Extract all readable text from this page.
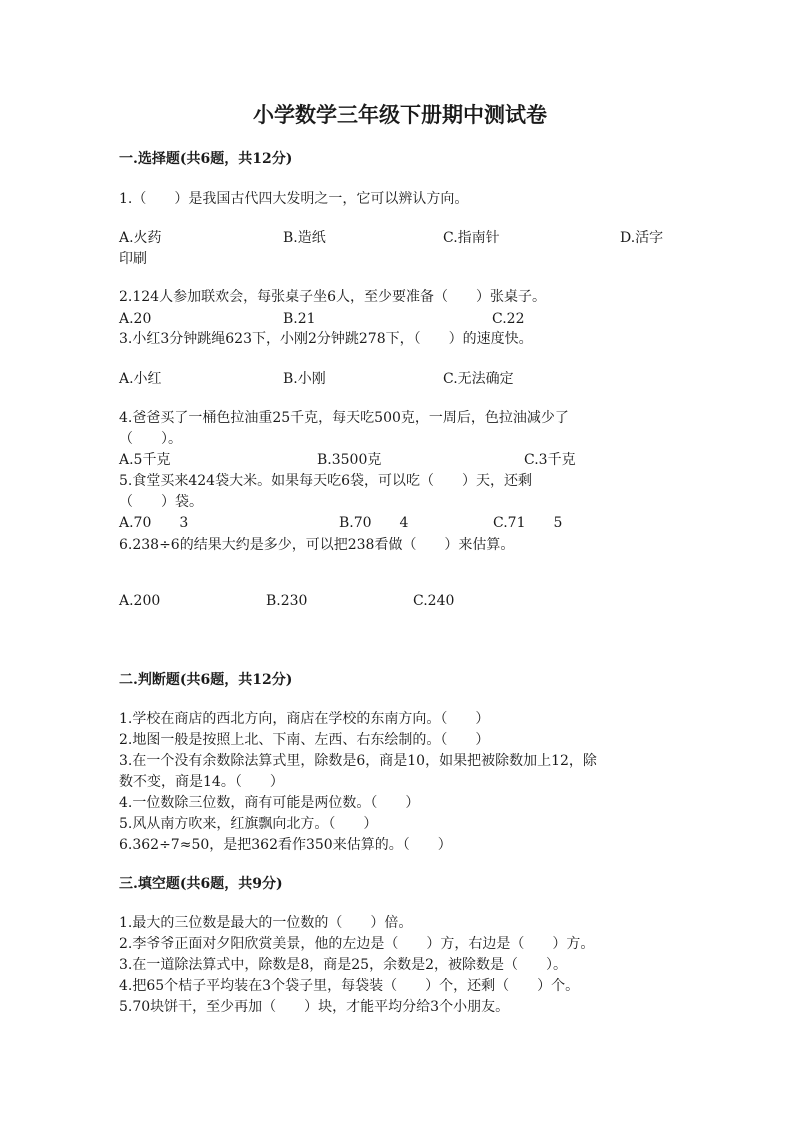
小学数学三年级下册期中测试卷
一.选择题(共6题，共12分)
1.（　　）是我国古代四大发明之一，它可以辨认方向。
A.火药	B.造纸	C.指南针	D.活字
印刷
2.124人参加联欢会，每张桌子坐6人，至少要准备（　　）张桌子。
A.20	B.21	C.22
3.小红3分钟跳绳623下，小刚2分钟跳278下，（　　）的速度快。
A.小红	B.小刚	C.无法确定
4.爸爸买了一桶色拉油重25千克，每天吃500克，一周后，色拉油减少了
（　　）。
A.5千克	B.3500克	C.3千克
5.食堂买来424袋大米。如果每天吃6袋，可以吃（　　）天，还剩
（　　）袋。
A.70　　3	B.70　　4	C.71　　5
6.238÷6的结果大约是多少，可以把238看做（　　）来估算。
A.200	B.230	C.240
二.判断题(共6题，共12分)
1.学校在商店的西北方向，商店在学校的东南方向。（　　）
2.地图一般是按照上北、下南、左西、右东绘制的。（　　）
3.在一个没有余数除法算式里，除数是6，商是10，如果把被除数加上12，除
数不变，商是14。（　　）
4.一位数除三位数，商有可能是两位数。（　　）
5.风从南方吹来，红旗飘向北方。（　　）
6.362÷7≈50，是把362看作350来估算的。（　　）
三.填空题(共6题，共9分)
1.最大的三位数是最大的一位数的（　　）倍。
2.李爷爷正面对夕阳欣赏美景，他的左边是（　　）方，右边是（　　）方。
3.在一道除法算式中，除数是8，商是25，余数是2，被除数是（　　）。
4.把65个桔子平均装在3个袋子里，每袋装（　　）个，还剩（　　）个。
5.70块饼干，至少再加（　　）块，才能平均分给3个小朋友。
